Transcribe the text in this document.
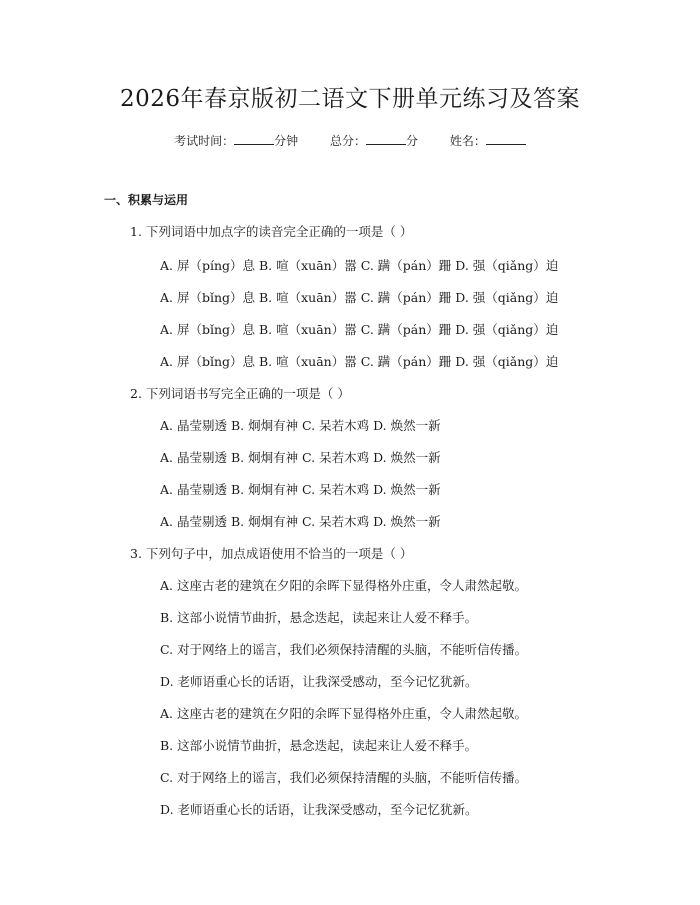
2026年春京版初二语文下册单元练习及答案
考试时间：	分钟	总分：	分	姓名：
一、积累与运用
1. 下列词语中加点字的读音完全正确的一项是（ ）
A. 屏（píng）息 B. 喧（xuān）嚣 C. 蹒（pán）跚 D. 强（qiǎng）迫
A. 屏（bǐng）息 B. 喧（xuān）嚣 C. 蹒（pán）跚 D. 强（qiǎng）迫
A. 屏（bǐng）息 B. 喧（xuān）嚣 C. 蹒（pán）跚 D. 强（qiǎng）迫
A. 屏（bǐng）息 B. 喧（xuān）嚣 C. 蹒（pán）跚 D. 强（qiǎng）迫
2. 下列词语书写完全正确的一项是（ ）
A. 晶莹剔透 B. 炯炯有神 C. 呆若木鸡 D. 焕然一新
A. 晶莹剔透 B. 炯炯有神 C. 呆若木鸡 D. 焕然一新
A. 晶莹剔透 B. 炯炯有神 C. 呆若木鸡 D. 焕然一新
A. 晶莹剔透 B. 炯炯有神 C. 呆若木鸡 D. 焕然一新
3. 下列句子中，加点成语使用不恰当的一项是（ ）
A. 这座古老的建筑在夕阳的余晖下显得格外庄重，令人肃然起敬。
B. 这部小说情节曲折，悬念迭起，读起来让人爱不释手。
C. 对于网络上的谣言，我们必须保持清醒的头脑，不能听信传播。
D. 老师语重心长的话语，让我深受感动，至今记忆犹新。
A. 这座古老的建筑在夕阳的余晖下显得格外庄重，令人肃然起敬。
B. 这部小说情节曲折，悬念迭起，读起来让人爱不释手。
C. 对于网络上的谣言，我们必须保持清醒的头脑，不能听信传播。
D. 老师语重心长的话语，让我深受感动，至今记忆犹新。
